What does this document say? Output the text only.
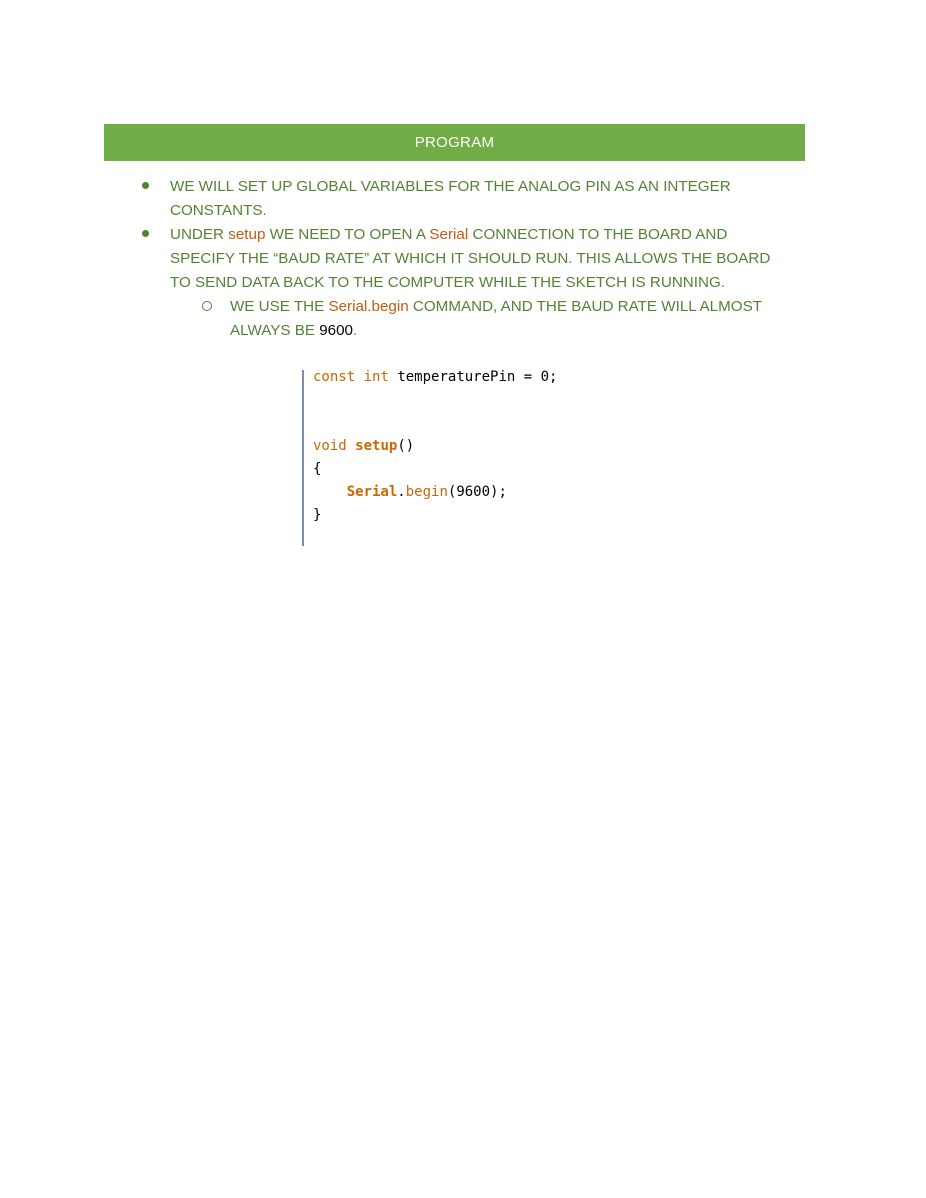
PROGRAM
WE WILL SET UP GLOBAL VARIABLES FOR THE ANALOG PIN AS AN INTEGER CONSTANTS.
UNDER setup WE NEED TO OPEN A Serial CONNECTION TO THE BOARD AND SPECIFY THE “BAUD RATE” AT WHICH IT SHOULD RUN. THIS ALLOWS THE BOARD TO SEND DATA BACK TO THE COMPUTER WHILE THE SKETCH IS RUNNING.
WE USE THE Serial.begin COMMAND, AND THE BAUD RATE WILL ALMOST ALWAYS BE 9600.
const int temperaturePin = 0;
void setup()
{
Serial.begin(9600);
}
